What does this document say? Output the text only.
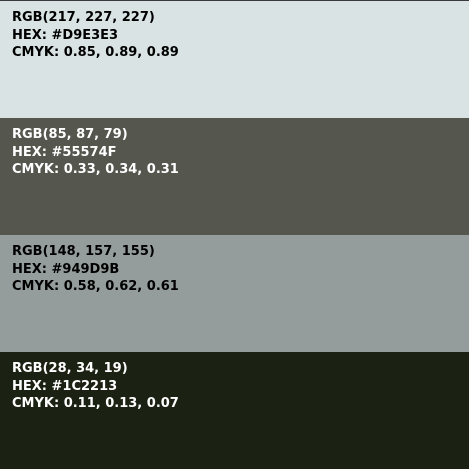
RGB(217, 227, 227)
HEX: #D9E3E3
CMYK: 0.85, 0.89, 0.89
RGB(85, 87, 79)
HEX: #55574F
CMYK: 0.33, 0.34, 0.31
RGB(148, 157, 155)
HEX: #949D9B
CMYK: 0.58, 0.62, 0.61
RGB(28, 34, 19)
HEX: #1C2213
CMYK: 0.11, 0.13, 0.07
